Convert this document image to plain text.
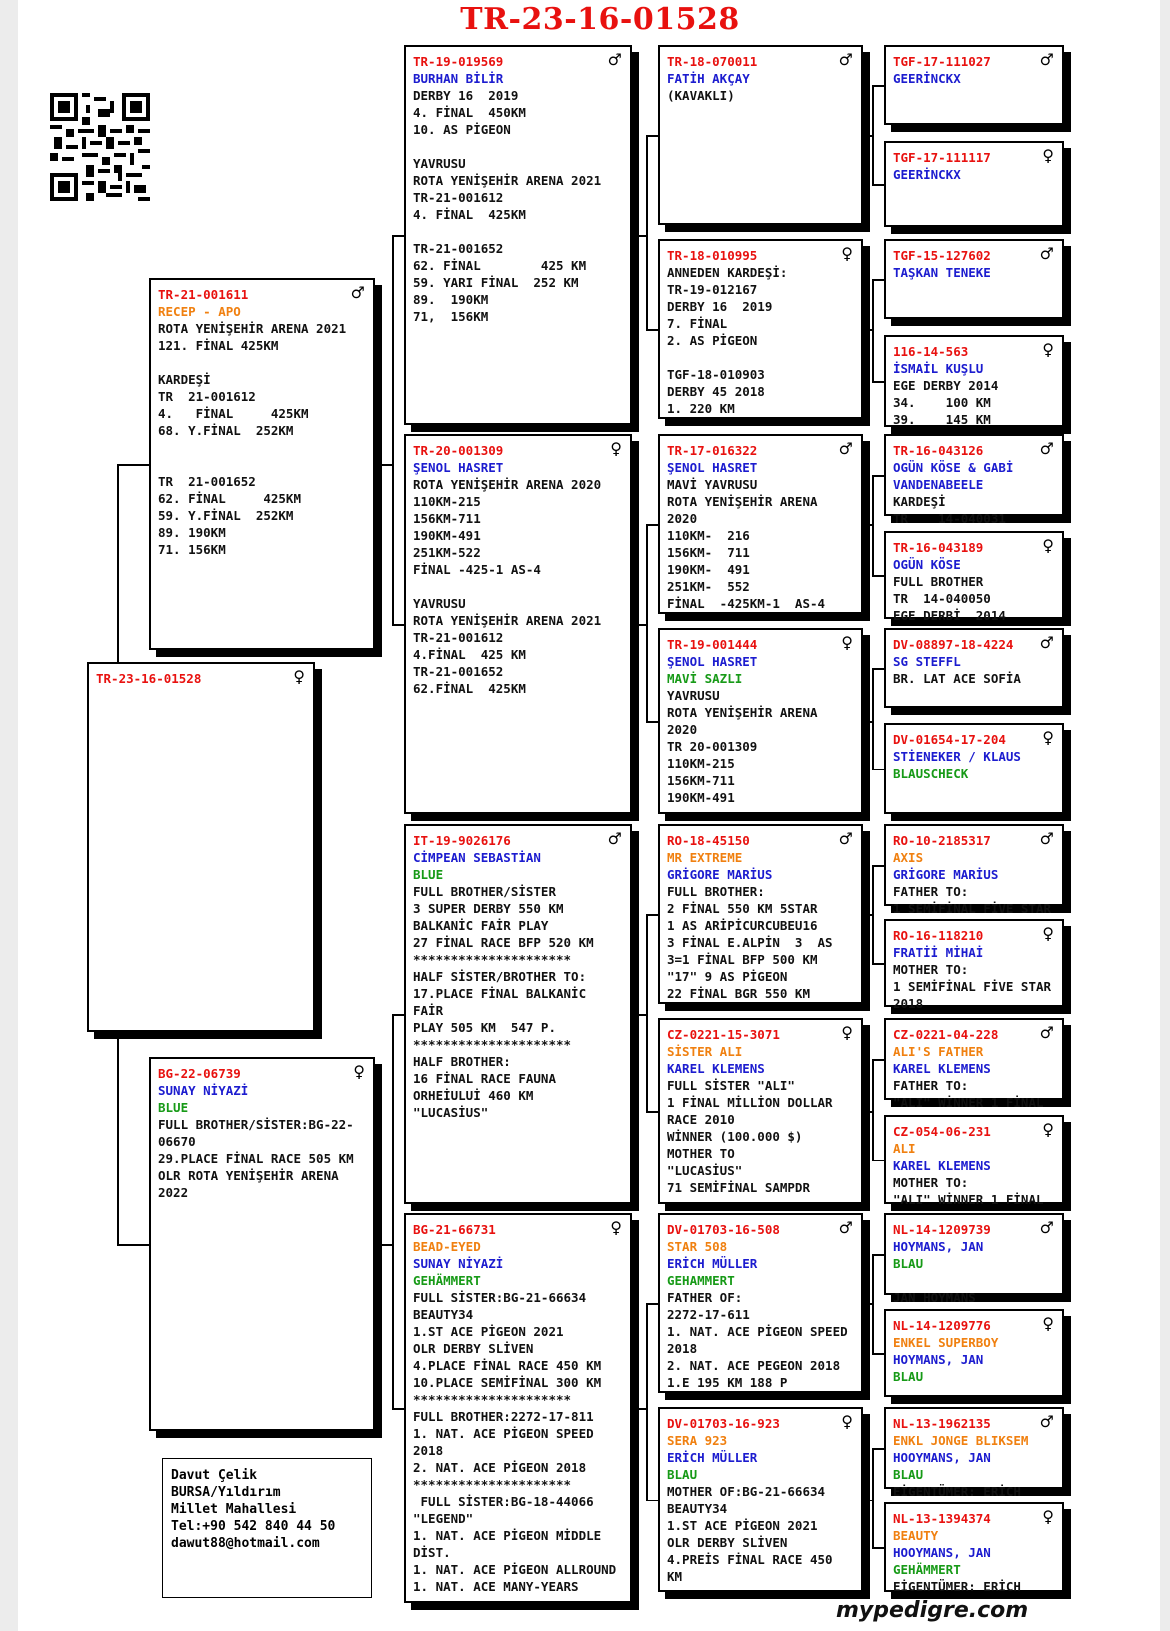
TR-23-16-01528
♀
TR-23-16-01528
♂
TR-21-001611
RECEP - APO
ROTA YENİŞEHİR ARENA 2021
121. FİNAL 425KM

KARDEŞİ
TR  21-001612
4.   FİNAL     425KM
68. Y.FİNAL  252KM

TR  21-001652
62. FİNAL     425KM
59. Y.FİNAL  252KM
89. 190KM
71. 156KM
♀
BG-22-06739
SUNAY NİYAZİ
BLUE
FULL BROTHER/SİSTER:BG-22-
06670
29.PLACE FİNAL RACE 505 KM
OLR ROTA YENİŞEHİR ARENA
2022
♂
TR-19-019569
BURHAN BİLİR
DERBY 16  2019
4. FİNAL  450KM
10. AS PİGEON

YAVRUSU
ROTA YENİŞEHİR ARENA 2021
TR-21-001612
4. FİNAL  425KM

TR-21-001652
62. FİNAL        425 KM
59. YARI FİNAL  252 KM
89.  190KM
71,  156KM
♀
TR-20-001309
ŞENOL HASRET
ROTA YENİŞEHİR ARENA 2020
110KM-215
156KM-711
190KM-491
251KM-522
FİNAL -425-1 AS-4

YAVRUSU
ROTA YENİŞEHİR ARENA 2021
TR-21-001612
4.FİNAL  425 KM
TR-21-001652
62.FİNAL  425KM
♂
IT-19-9026176
CİMPEAN SEBASTİAN
BLUE
FULL BROTHER/SİSTER
3 SUPER DERBY 550 KM
BALKANİC FAİR PLAY
27 FİNAL RACE BFP 520 KM
*********************
HALF SİSTER/BROTHER TO:
17.PLACE FİNAL BALKANİC
FAİR
PLAY 505 KM  547 P.
*********************
HALF BROTHER:
16 FİNAL RACE FAUNA
ORHEİULUİ 460 KM
"LUCASİUS"
♀
BG-21-66731
BEAD-EYED
SUNAY NİYAZİ
GEHÄMMERT
FULL SİSTER:BG-21-66634
BEAUTY34
1.ST ACE PİGEON 2021
OLR DERBY SLİVEN
4.PLACE FİNAL RACE 450 KM
10.PLACE SEMİFİNAL 300 KM
*********************
FULL BROTHER:2272-17-811
1. NAT. ACE PİGEON SPEED
2018
2. NAT. ACE PİGEON 2018
*********************
FULL SİSTER:BG-18-44066
"LEGEND"
1. NAT. ACE PİGEON MİDDLE
DİST.
1. NAT. ACE PİGEON ALLROUND
1. NAT. ACE MANY-YEARS
♂
TR-18-070011
FATİH AKÇAY
(KAVAKLI)
♀
TR-18-010995
ANNEDEN KARDEŞİ:
TR-19-012167
DERBY 16  2019
7. FİNAL
2. AS PİGEON

TGF-18-010903
DERBY 45 2018
1. 220 KM
♂
TR-17-016322
ŞENOL HASRET
MAVİ YAVRUSU
ROTA YENİŞEHİR ARENA
2020
110KM-  216
156KM-  711
190KM-  491
251KM-  552
FİNAL  -425KM-1  AS-4
♀
TR-19-001444
ŞENOL HASRET
MAVİ SAZLI
YAVRUSU
ROTA YENİŞEHİR ARENA
2020
TR 20-001309
110KM-215
156KM-711
190KM-491
♂
RO-18-45150
MR EXTREME
GRİGORE MARİUS
FULL BROTHER:
2 FİNAL 550 KM 5STAR
1 AS ARİPİCURCUBEU16
3 FİNAL E.ALPİN  3  AS
3=1 FİNAL BFP 500 KM
"17" 9 AS PİGEON
22 FİNAL BGR 550 KM
♀
CZ-0221-15-3071
SİSTER ALI
KAREL KLEMENS
FULL SİSTER "ALI"
1 FİNAL MİLLİON DOLLAR
RACE 2010
WİNNER (100.000 $)
MOTHER TO
"LUCASİUS"
71 SEMİFİNAL SAMPDR
♂
DV-01703-16-508
STAR 508
ERİCH MÜLLER
GEHAMMERT
FATHER OF:
2272-17-611
1. NAT. ACE PİGEON SPEED
2018
2. NAT. ACE PEGEON 2018
1.E 195 KM 188 P
♀
DV-01703-16-923
SERA 923
ERİCH MÜLLER
BLAU
MOTHER OF:BG-21-66634
BEAUTY34
1.ST ACE PİGEON 2021
OLR DERBY SLİVEN
4.PREİS FİNAL RACE 450
KM

♂
TGF-17-111027
GEERİNCKX
♀
TGF-17-111117
GEERİNCKX
♂
TGF-15-127602
TAŞKAN TENEKE
♀
116-14-563
İSMAİL KUŞLU
EGE DERBY 2014
34.    100 KM
39.    145 KM
♂
TR-16-043126
OGÜN KÖSE & GABİ
VANDENABEELE
KARDEŞİ
TR    14-040031
♀
TR-16-043189
OGÜN KÖSE
FULL BROTHER
TR  14-040050
EGE DERBİ  2014
♂
DV-08897-18-4224
SG STEFFL
BR. LAT ACE SOFİA
♀
DV-01654-17-204
STİENEKER / KLAUS
BLAUSCHECK
♂
RO-10-2185317
AXIS
GRİGORE MARİUS
FATHER TO:
1 SEMİFİNAL FİVE STAR
♀
RO-16-118210
FRATİİ MİHAİ
MOTHER TO:
1 SEMİFİNAL FİVE STAR
2018
♂
CZ-0221-04-228
ALI'S FATHER
KAREL KLEMENS
FATHER TO:
"ALI" WİNNER 1 FİNAL
♀
CZ-054-06-231
ALI
KAREL KLEMENS
MOTHER TO:
"ALI" WİNNER 1 FİNAL
♂
NL-14-1209739
HOYMANS, JAN
BLAU

JAN HOYMANS
♀
NL-14-1209776
ENKEL SUPERBOY
HOYMANS, JAN
BLAU
♂
NL-13-1962135
ENKL JONGE BLIKSEM
HOOYMANS, JAN
BLAU
EİGENTÜMER: ERİCH
♀
NL-13-1394374
BEAUTY
HOOYMANS, JAN
GEHÄMMERT
EİGENTÜMER: ERİCH
Davut Çelik
BURSA/Yıldırım
Millet Mahallesi
Tel:+90 542 840 44 50
dawut88@hotmail.com
mypedigre.com
